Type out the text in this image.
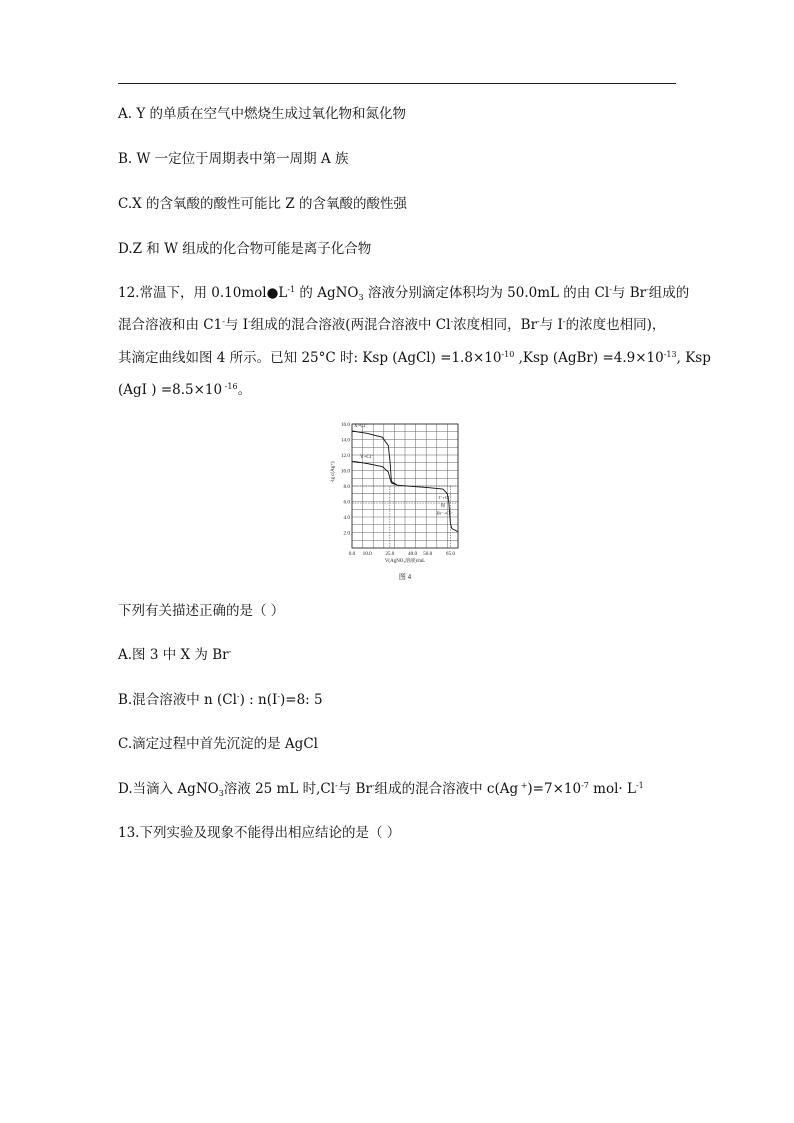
A. Y 的单质在空气中燃烧生成过氧化物和氮化物
B. W 一定位于周期表中第一周期 A 族
C.X 的含氧酸的酸性可能比 Z 的含氧酸的酸性强
D.Z 和 W 组成的化合物可能是离子化合物
12.常温下，用 $0.10mol●L^{-1}$ 的 AgNO$_3$ 溶液分别滴定体积均为 50.0mL 的由 Cl-与 Br-组成的
混合溶液和由 C1-与 I-组成的混合溶液(两混合溶液中 Cl-浓度相同，Br-与 I-的浓度也相同)，
其滴定曲线如图 4 所示。已知 25°C 时: Ksp (AgCl) $=1.8\times 10^{-10}$ ,Ksp (AgBr) $=4.9\times 10^{-13}$, Ksp
(AgI ) =8.5×10 $^{-16}$。
16.0
14.0
12.0
10.0
8.0
6.0
4.0
2.0
0.0 10.0	25.0	40.0 50.0	65.0
V(AgNO₃溶液)/mL
-lg c(Ag⁺)
X+Cl⁻
Y+Cl⁻
I⁻+Cl⁻
和
Br⁻+Cl⁻
图 4
下列有关描述正确的是（ ）
A.图 3 中 X 为 Br-
B.混合溶液中 n (Cl-) : n(I-)=8: 5
C.滴定过程中首先沉淀的是 AgCl
D.当滴入 AgNO$_3$溶液 25 mL 时,Cl-与 Br-组成的混合溶液中 c(Ag $^+)=7\times 10^{-7}$ $mol\cdot L^{-1}$
13.下列实验及现象不能得出相应结论的是（ ）
